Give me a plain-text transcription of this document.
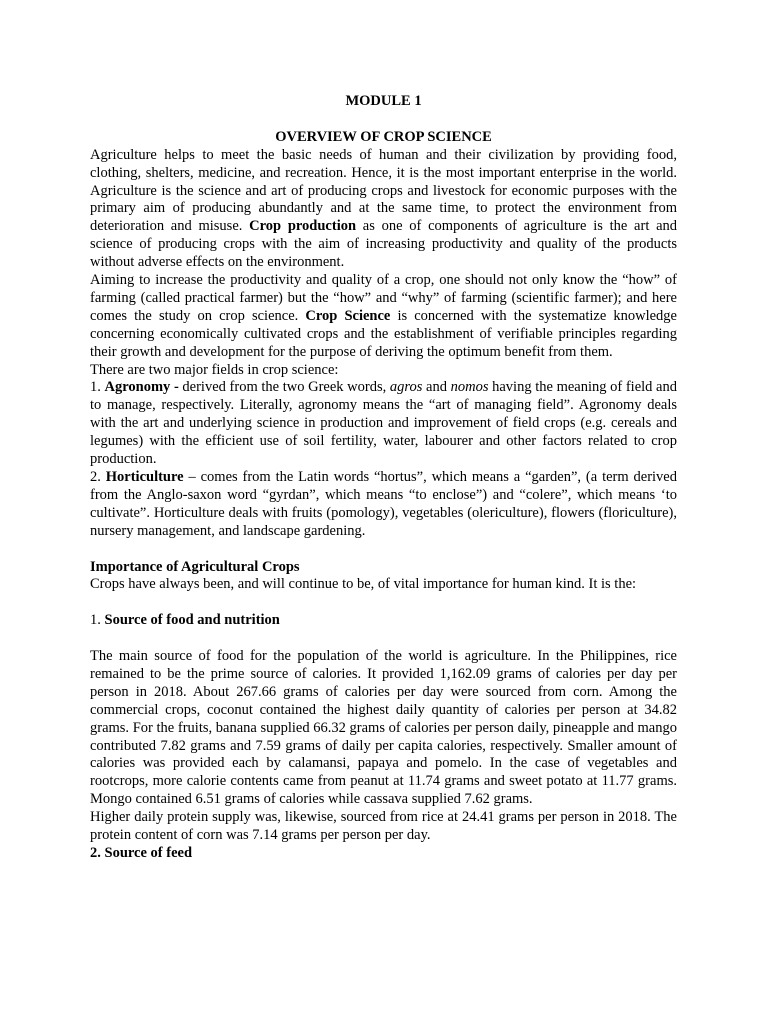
MODULE 1

OVERVIEW OF CROP SCIENCE

Agriculture helps to meet the basic needs of human and their civilization by providing food, clothing, shelters, medicine, and recreation. Hence, it is the most important enterprise in the world. Agriculture is the science and art of producing crops and livestock for economic purposes with the primary aim of producing abundantly and at the same time, to protect the environment from deterioration and misuse. Crop production as one of components of agriculture is the art and science of producing crops with the aim of increasing productivity and quality of the products without adverse effects on the environment.

Aiming to increase the productivity and quality of a crop, one should not only know the “how” of farming (called practical farmer) but the “how” and “why” of farming (scientific farmer); and here comes the study on crop science. Crop Science is concerned with the systematize knowledge concerning economically cultivated crops and the establishment of verifiable principles regarding their growth and development for the purpose of deriving the optimum benefit from them.

There are two major fields in crop science:

1. Agronomy - derived from the two Greek words, agros and nomos having the meaning of field and to manage, respectively. Literally, agronomy means the “art of managing field”. Agronomy deals with the art and underlying science in production and improvement of field crops (e.g. cereals and legumes) with the efficient use of soil fertility, water, labourer and other factors related to crop production.

2. Horticulture – comes from the Latin words “hortus”, which means a “garden”, (a term derived from the Anglo-saxon word “gyrdan”, which means “to enclose”) and “colere”, which means ‘to cultivate”. Horticulture deals with fruits (pomology), vegetables (olericulture), flowers (floriculture), nursery management, and landscape gardening.

Importance of Agricultural Crops

Crops have always been, and will continue to be, of vital importance for human kind. It is the:

1. Source of food and nutrition

The main source of food for the population of the world is agriculture. In the Philippines, rice remained to be the prime source of calories. It provided 1,162.09 grams of calories per day per person in 2018. About 267.66 grams of calories per day were sourced from corn. Among the commercial crops, coconut contained the highest daily quantity of calories per person at 34.82 grams. For the fruits, banana supplied 66.32 grams of calories per person daily, pineapple and mango contributed 7.82 grams and 7.59 grams of daily per capita calories, respectively. Smaller amount of calories was provided each by calamansi, papaya and pomelo. In the case of vegetables and rootcrops, more calorie contents came from peanut at 11.74 grams and sweet potato at 11.77 grams. Mongo contained 6.51 grams of calories while cassava supplied 7.62 grams.

Higher daily protein supply was, likewise, sourced from rice at 24.41 grams per person in 2018. The protein content of corn was 7.14 grams per person per day.

2. Source of feed
